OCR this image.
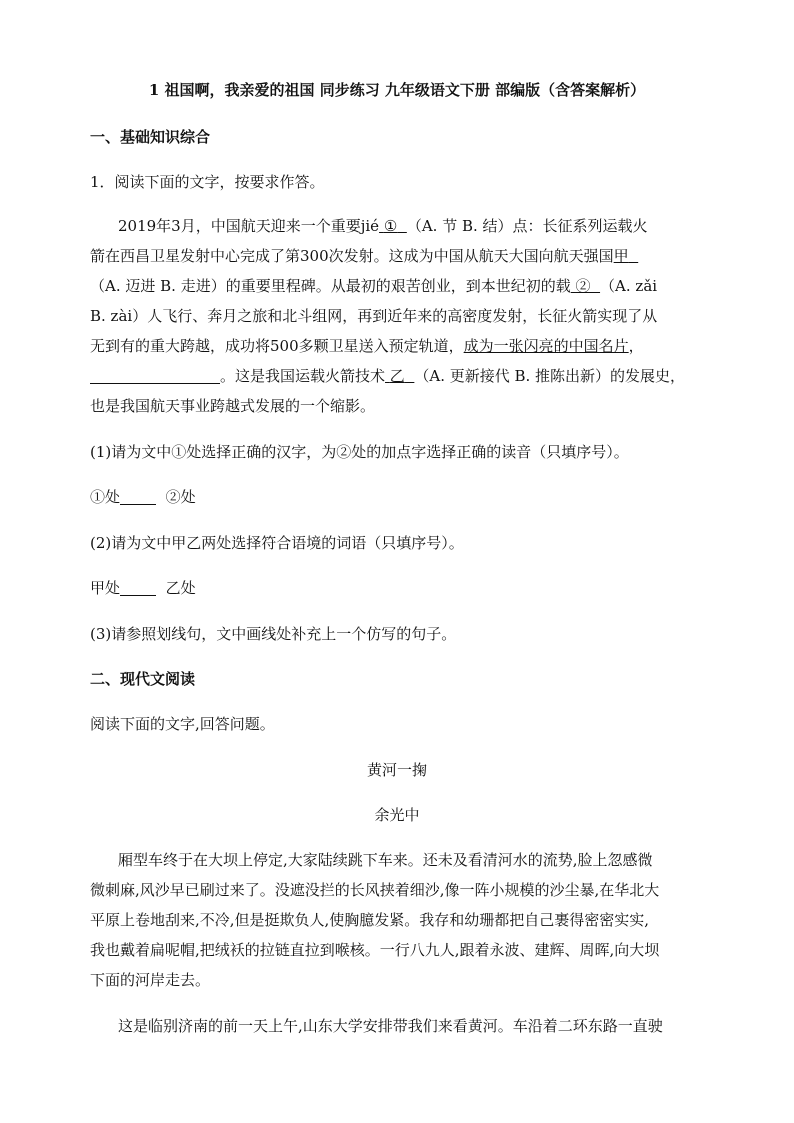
1 祖国啊，我亲爱的祖国 同步练习 九年级语文下册 部编版（含答案解析）
一、基础知识综合
1．阅读下面的文字，按要求作答。
2019年3月，中国航天迎来一个重要jié ① （A. 节 B. 结）点：长征系列运载火
箭在西昌卫星发射中心完成了第300次发射。这成为中国从航天大国向航天强国甲
（A. 迈进 B. 走进）的重要里程碑。从最初的艰苦创业，到本世纪初的载 ② （A. zǎi
B. zài）人飞行、奔月之旅和北斗组网，再到近年来的高密度发射，长征火箭实现了从
无到有的重大跨越，成功将500多颗卫星送入预定轨道，成为一张闪亮的中国名片，
。这是我国运载火箭技术 乙 （A. 更新接代 B. 推陈出新）的发展史，
也是我国航天事业跨越式发展的一个缩影。
(1)请为文中①处选择正确的汉字，为②处的加点字选择正确的读音（只填序号）。
①处	②处
(2)请为文中甲乙两处选择符合语境的词语（只填序号）。
甲处	乙处
(3)请参照划线句，文中画线处补充上一个仿写的句子。
二、现代文阅读
阅读下面的文字,回答问题。
黄河一掬
余光中
厢型车终于在大坝上停定,大家陆续跳下车来。还未及看清河水的流势,脸上忽感微
微刺麻,风沙早已刷过来了。没遮没拦的长风挟着细沙,像一阵小规模的沙尘暴,在华北大
平原上卷地刮来,不冷,但是挺欺负人,使胸臆发紧。我存和幼珊都把自己裹得密密实实,
我也戴着扁呢帽,把绒袄的拉链直拉到喉核。一行八九人,跟着永波、建辉、周晖,向大坝
下面的河岸走去。
这是临别济南的前一天上午,山东大学安排带我们来看黄河。车沿着二环东路一直驶
